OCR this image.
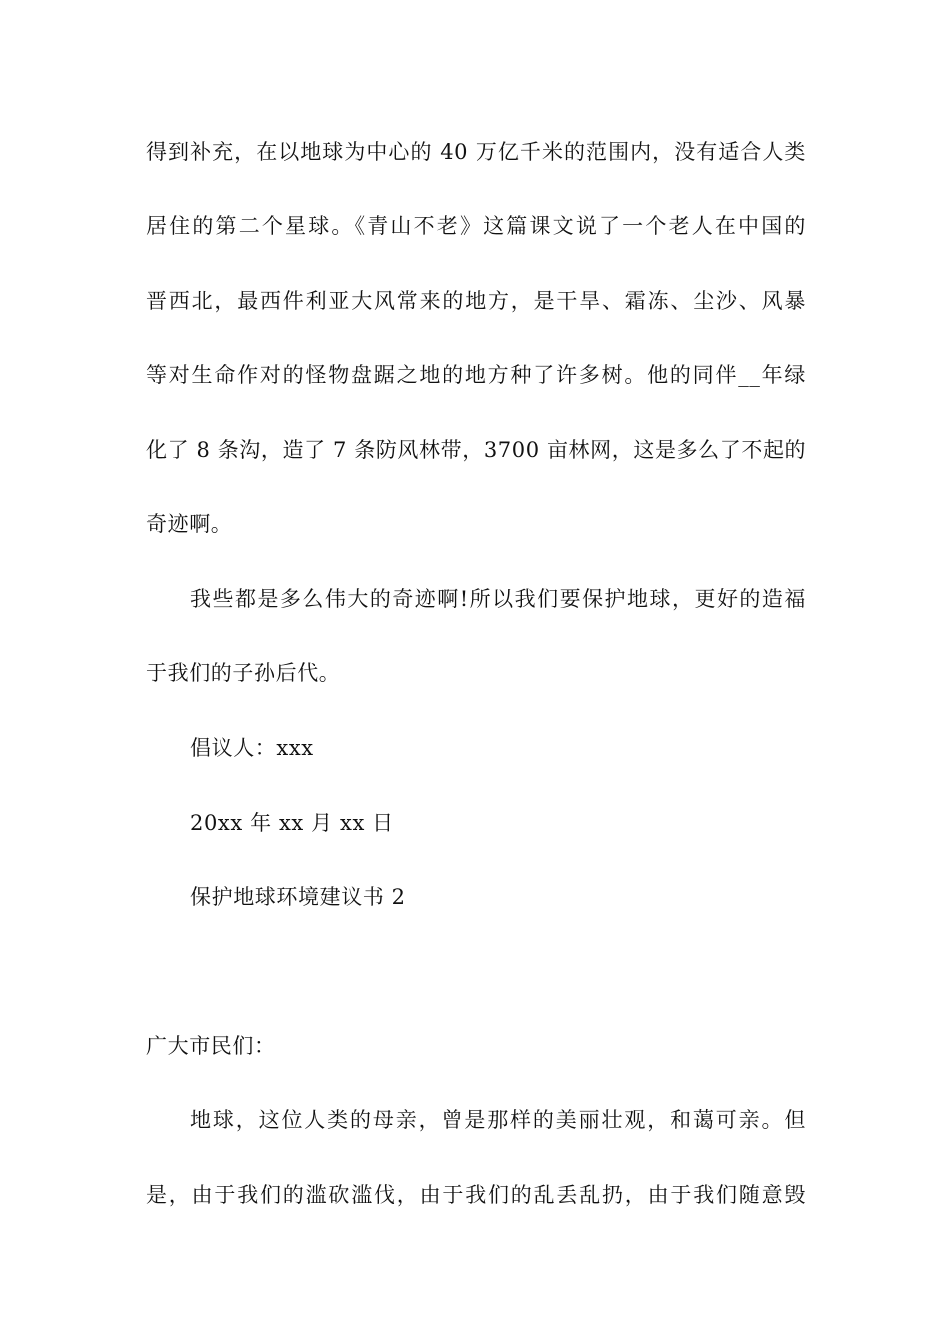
得到补充，在以地球为中心的 40 万亿千米的范围内，没有适合人类
居住的第二个星球。《青山不老》这篇课文说了一个老人在中国的
晋西北，最西件利亚大风常来的地方，是干旱、霜冻、尘沙、风暴
等对生命作对的怪物盘踞之地的地方种了许多树。他的同伴__年绿
化了 8 条沟，造了 7 条防风林带，3700 亩林网，这是多么了不起的
奇迹啊。
我些都是多么伟大的奇迹啊!所以我们要保护地球，更好的造福
于我们的子孙后代。
倡议人：xxx
20xx 年 xx 月 xx 日
保护地球环境建议书 2
广大市民们：
地球，这位人类的母亲，曾是那样的美丽壮观，和蔼可亲。但
是，由于我们的滥砍滥伐，由于我们的乱丢乱扔，由于我们随意毁
